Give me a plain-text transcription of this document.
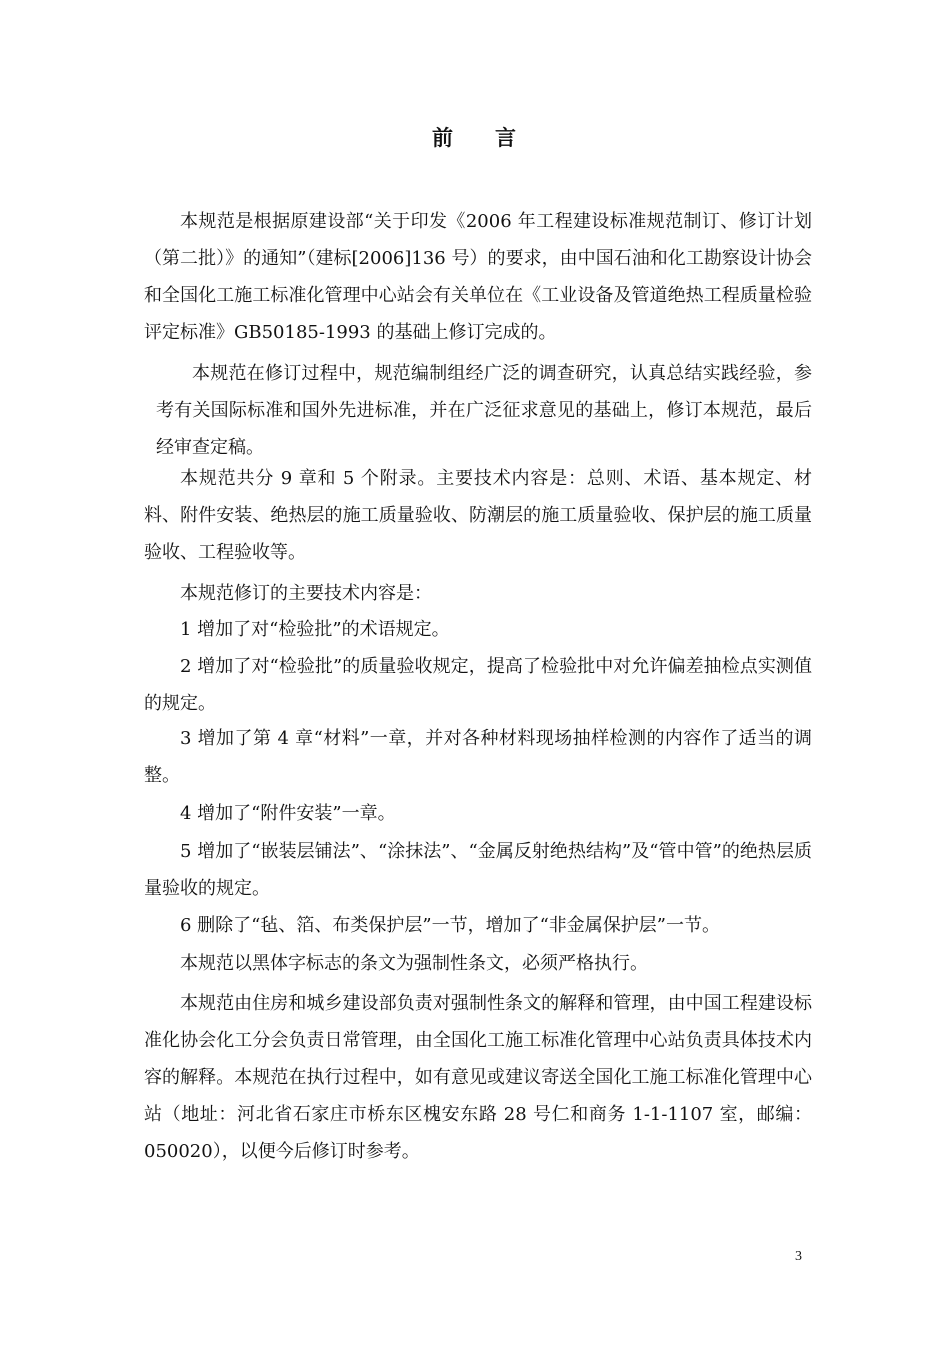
前 言

本规范是根据原建设部“关于印发《2006 年工程建设标准规范制订、修订计划（第二批）》的通知”（建标[2006]136 号）的要求，由中国石油和化工勘察设计协会和全国化工施工标准化管理中心站会有关单位在《工业设备及管道绝热工程质量检验评定标准》GB50185-1993 的基础上修订完成的。

本规范在修订过程中，规范编制组经广泛的调查研究，认真总结实践经验，参考有关国际标准和国外先进标准，并在广泛征求意见的基础上，修订本规范，最后经审查定稿。

本规范共分 9 章和 5 个附录。主要技术内容是：总则、术语、基本规定、材料、附件安装、绝热层的施工质量验收、防潮层的施工质量验收、保护层的施工质量验收、工程验收等。

本规范修订的主要技术内容是：

1 增加了对“检验批”的术语规定。

2 增加了对“检验批”的质量验收规定，提高了检验批中对允许偏差抽检点实测值的规定。

3 增加了第 4 章“材料”一章，并对各种材料现场抽样检测的内容作了适当的调整。

4 增加了“附件安装”一章。

5 增加了“嵌装层铺法”、“涂抹法”、“金属反射绝热结构”及“管中管”的绝热层质量验收的规定。

6 删除了“毡、箔、布类保护层”一节，增加了“非金属保护层”一节。

本规范以黑体字标志的条文为强制性条文，必须严格执行。

本规范由住房和城乡建设部负责对强制性条文的解释和管理，由中国工程建设标准化协会化工分会负责日常管理，由全国化工施工标准化管理中心站负责具体技术内容的解释。本规范在执行过程中，如有意见或建议寄送全国化工施工标准化管理中心站（地址：河北省石家庄市桥东区槐安东路 28 号仁和商务 1-1-1107 室，邮编：050020），以便今后修订时参考。

3
